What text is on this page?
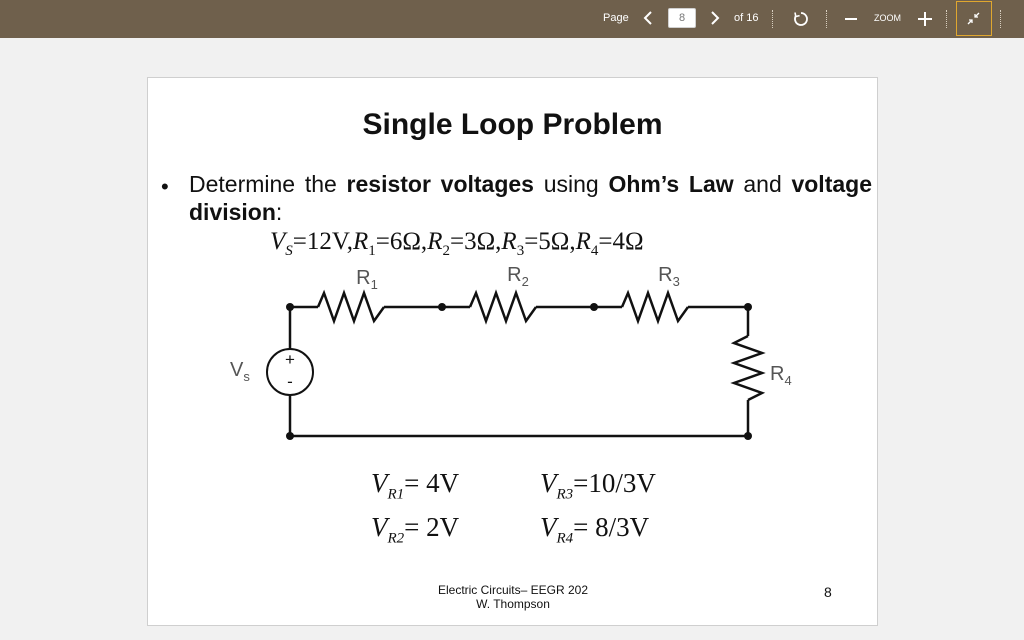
Page
8	of 16	ZOOM
Single Loop Problem
• Determine the resistor voltages using Ohm’s Law and voltage division:
$V_S=12V,R_1=6\Omega,R_2=3\Omega,R_3=5\Omega,R_4=4\Omega$
$R_1$	$R_2$	$R_3$
$R_4$
$V_s$
+
-
$V_{R1}= 4V$
$V_{R2}= 2V$
$V_{R3}=10/3V$
$V_{R4}= 8/3V$
Electric Circuits– EEGR 202
W. Thompson
8
